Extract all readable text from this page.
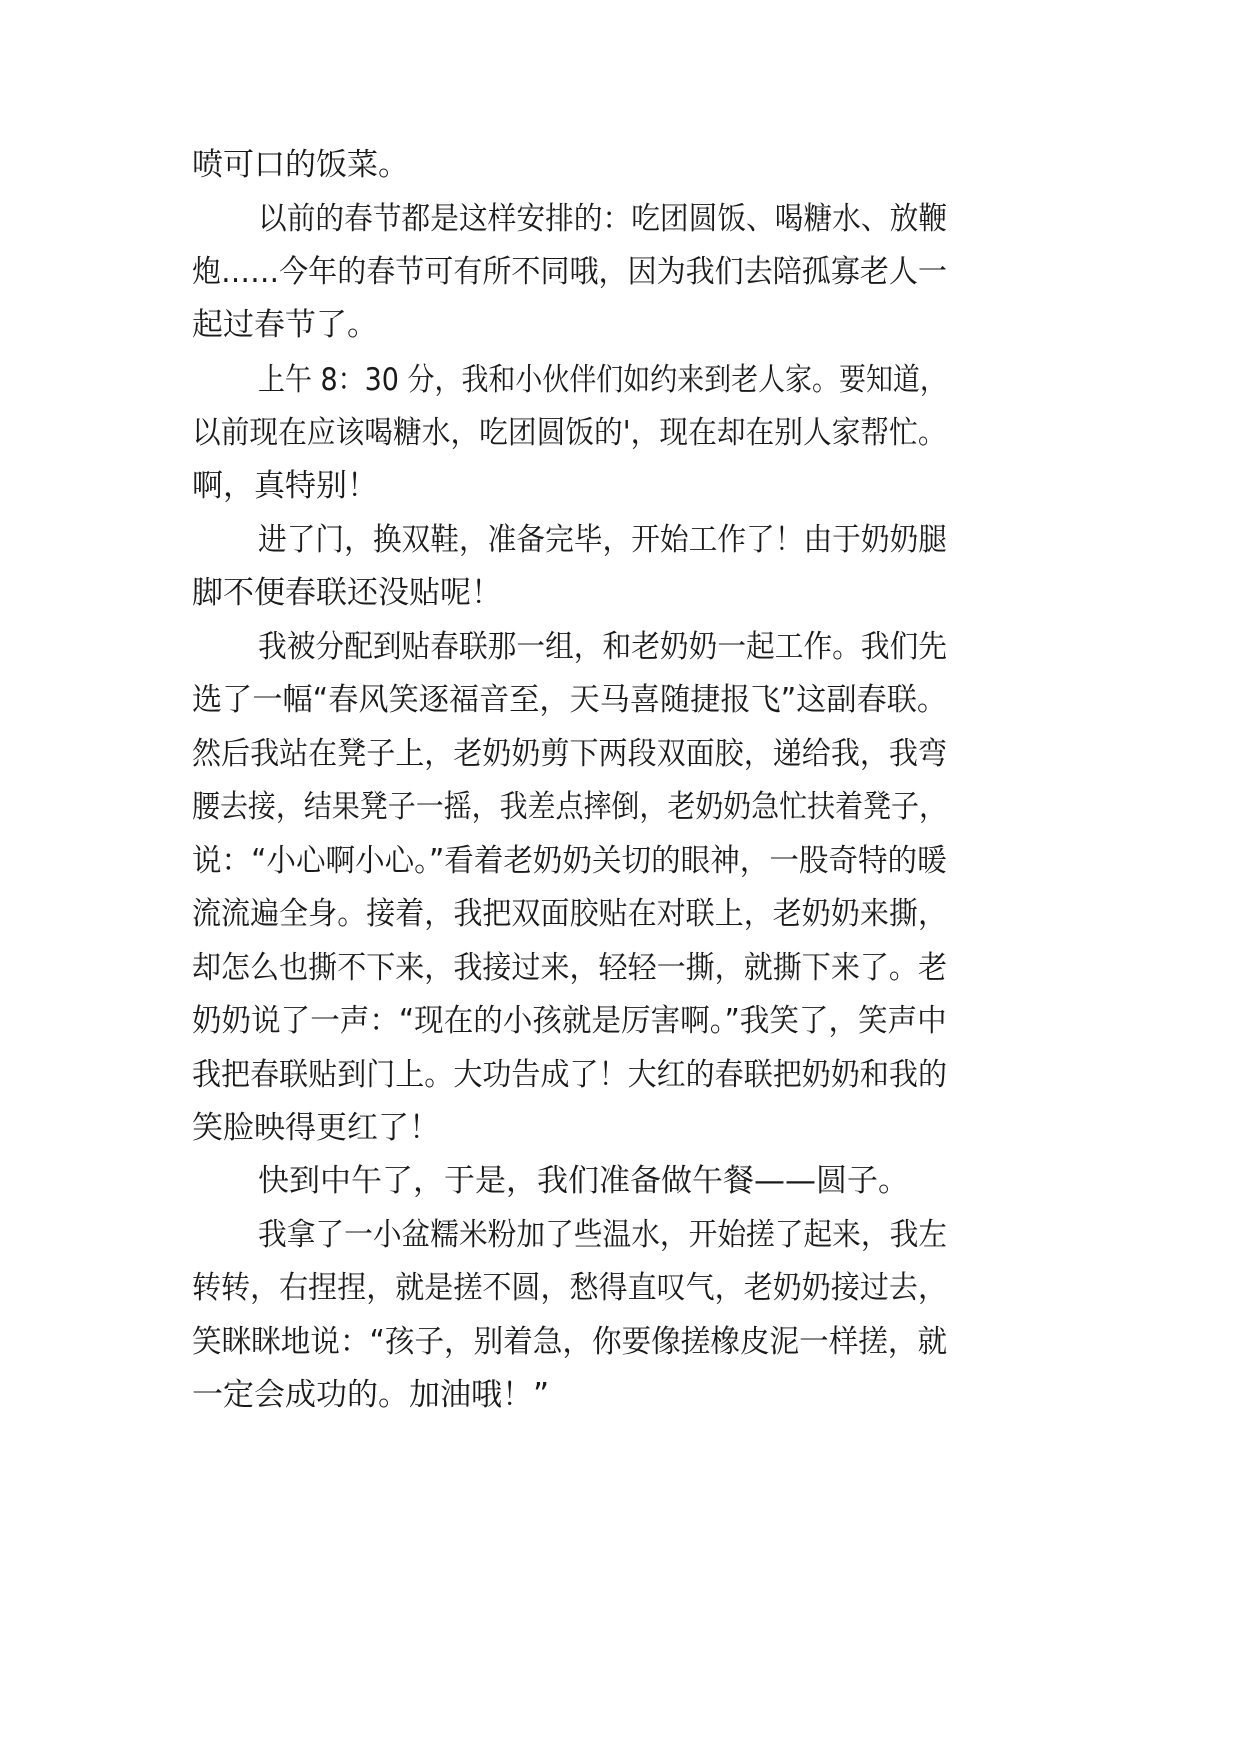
喷可口的饭菜。
以前的春节都是这样安排的：吃团圆饭、喝糖水、放鞭
炮……今年的春节可有所不同哦，因为我们去陪孤寡老人一
起过春节了。
上午 8：30 分，我和小伙伴们如约来到老人家。要知道，
以前现在应该喝糖水，吃团圆饭的'，现在却在别人家帮忙。
啊，真特别！
进了门，换双鞋，准备完毕，开始工作了！由于奶奶腿
脚不便春联还没贴呢！
我被分配到贴春联那一组，和老奶奶一起工作。我们先
选了一幅“春风笑逐福音至，天马喜随捷报飞”这副春联。
然后我站在凳子上，老奶奶剪下两段双面胶，递给我，我弯
腰去接，结果凳子一摇，我差点摔倒，老奶奶急忙扶着凳子，
说：“小心啊小心。”看着老奶奶关切的眼神，一股奇特的暖
流流遍全身。接着，我把双面胶贴在对联上，老奶奶来撕，
却怎么也撕不下来，我接过来，轻轻一撕，就撕下来了。老
奶奶说了一声：“现在的小孩就是厉害啊。”我笑了，笑声中
我把春联贴到门上。大功告成了！大红的春联把奶奶和我的
笑脸映得更红了！
快到中午了，于是，我们准备做午餐——圆子。
我拿了一小盆糯米粉加了些温水，开始搓了起来，我左
转转，右捏捏，就是搓不圆，愁得直叹气，老奶奶接过去，
笑眯眯地说：“孩子，别着急，你要像搓橡皮泥一样搓，就
一定会成功的。加油哦！”
